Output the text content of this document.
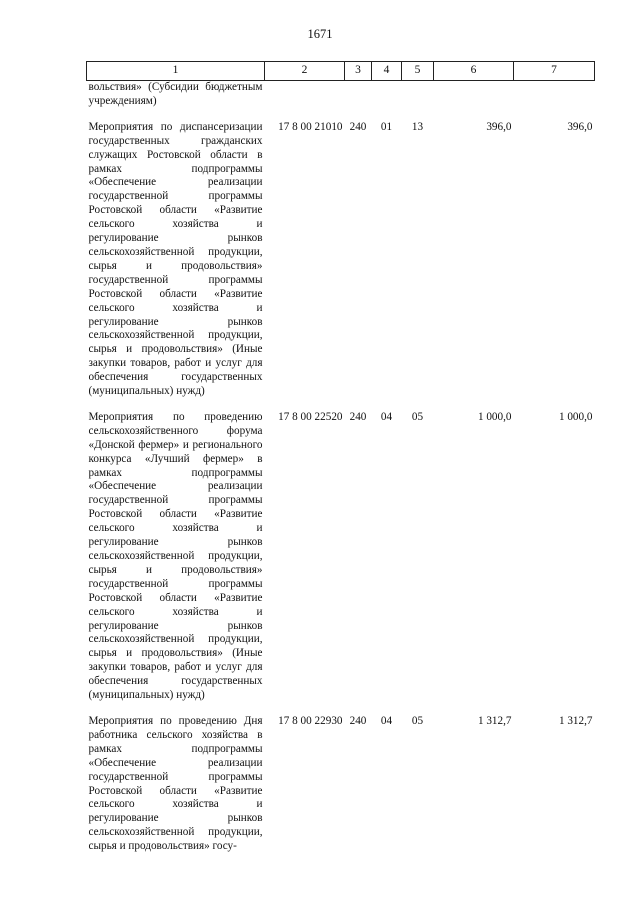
1671
1	2	3	4	5	6	7
вольствия» (Субсидии бюджетным учреждениям)						

Мероприятия по диспансеризации государственных гражданских служащих Ростовской области в рамках подпрограммы «Обеспечение реализации государственной программы Ростовской области «Развитие сельского хозяйства и регулирование рынков сельскохозяйственной продукции, сырья и продовольствия» государственной программы Ростовской области «Развитие сельского хозяйства и регулирование рынков сельскохозяйственной продукции, сырья и продовольствия» (Иные закупки товаров, работ и услуг для обеспечения государственных (муниципальных) нужд)	17 8 00 21010	240	01	13	396,0	396,0

Мероприятия по проведению сельскохозяйственного форума «Донской фермер» и регионального конкурса «Лучший фермер» в рамках подпрограммы «Обеспечение реализации государственной программы Ростовской области «Развитие сельского хозяйства и регулирование рынков сельскохозяйственной продукции, сырья и продовольствия» государственной программы Ростовской области «Развитие сельского хозяйства и регулирование рынков сельскохозяйственной продукции, сырья и продовольствия» (Иные закупки товаров, работ и услуг для обеспечения государственных (муниципальных) нужд)	17 8 00 22520	240	04	05	1 000,0	1 000,0

Мероприятия по проведению Дня работника сельского хозяйства в рамках подпрограммы «Обеспечение реализации государственной программы Ростовской области «Развитие сельского хозяйства и регулирование рынков сельскохозяйственной продукции, сырья и продовольствия» госу-	17 8 00 22930	240	04	05	1 312,7	1 312,7
